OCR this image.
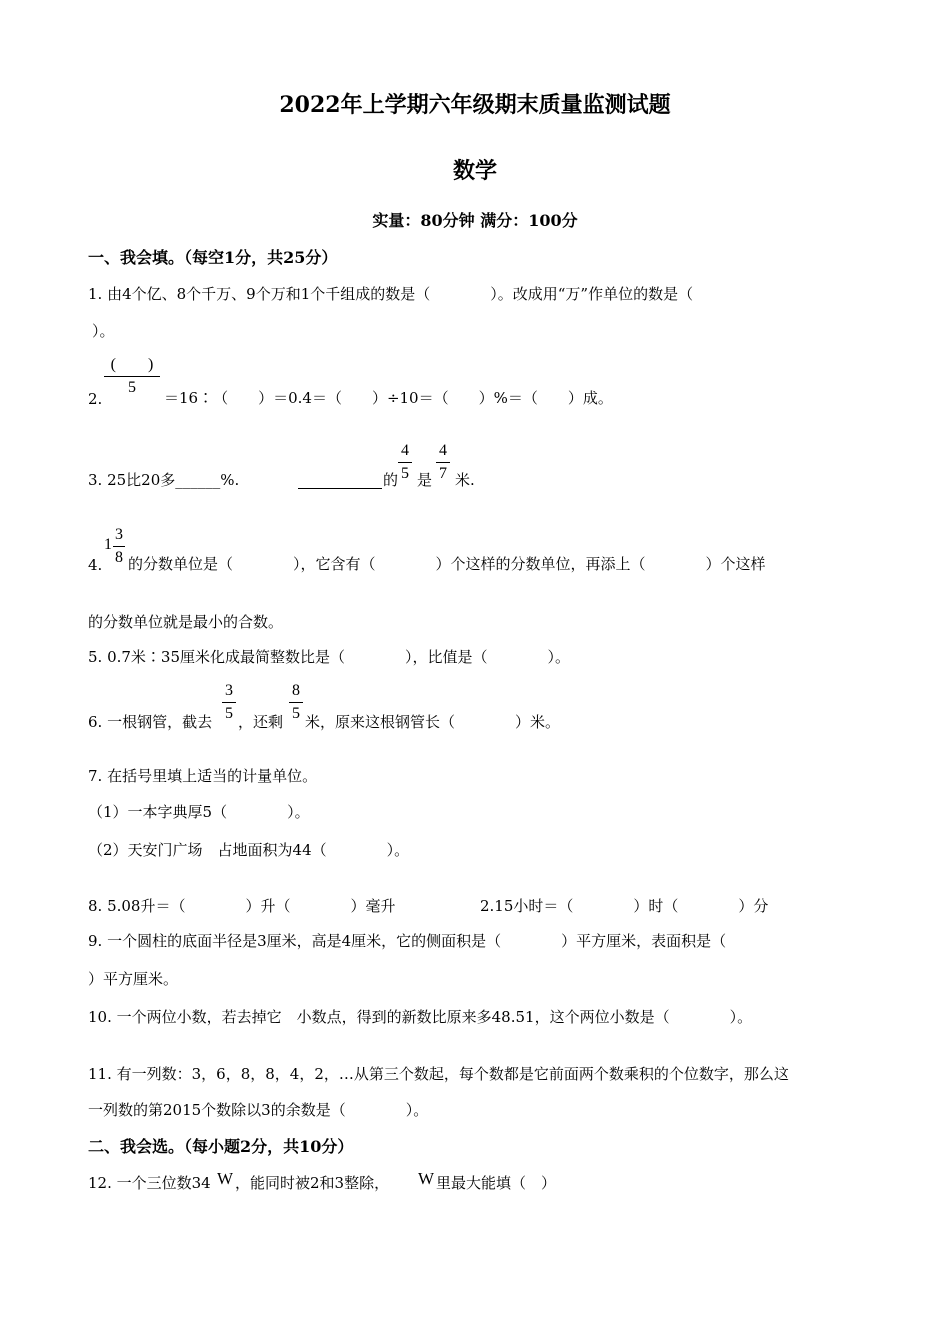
2022年上学期六年级期末质量监测试题
数学
实量：80分钟 满分：100分
一、我会填。（每空1分，共25分）
1. 由4个亿、8个千万、9个万和1个千组成的数是（　　　　）。改成用“万”作单位的数是（
）。
(　　)
5
2.	＝16∶（　　）＝0.4＝（　　）÷10＝（　　）%＝（　　）成。
3. 25比20多______%.	的
4
5 是
4
7 米.
1
3
8
4. 的分数单位是（　　　　），它含有（　　　　）个这样的分数单位，再添上（　　　　）个这样
的分数单位就是最小的合数。
5. 0.7米∶35厘米化成最简整数比是（　　　　），比值是（　　　　）。
6. 一根钢管，截去
3
5 ，还剩
8
5 米，原来这根钢管长（　　　　）米。
7. 在括号里填上适当的计量单位。
（1）一本字典厚5（　　　　）。
（2）天安门广场　占地面积为44（　　　　）。
8. 5.08升＝（　　　　）升（　　　　）毫升	2.15小时＝（　　　　）时（　　　　）分
9. 一个圆柱的底面半径是3厘米，高是4厘米，它的侧面积是（　　　　）平方厘米，表面积是（
）平方厘米。
10. 一个两位小数，若去掉它　小数点，得到的新数比原来多48.51，这个两位小数是（　　　　）。
11. 有一列数：3，6，8，8，4，2，…从第三个数起，每个数都是它前面两个数乘积的个位数字，那么这
一列数的第2015个数除以3的余数是（　　　　）。
二、我会选。（每小题2分，共10分）
12. 一个三位数34 W ，能同时被2和3整除， W 里最大能填（　）
